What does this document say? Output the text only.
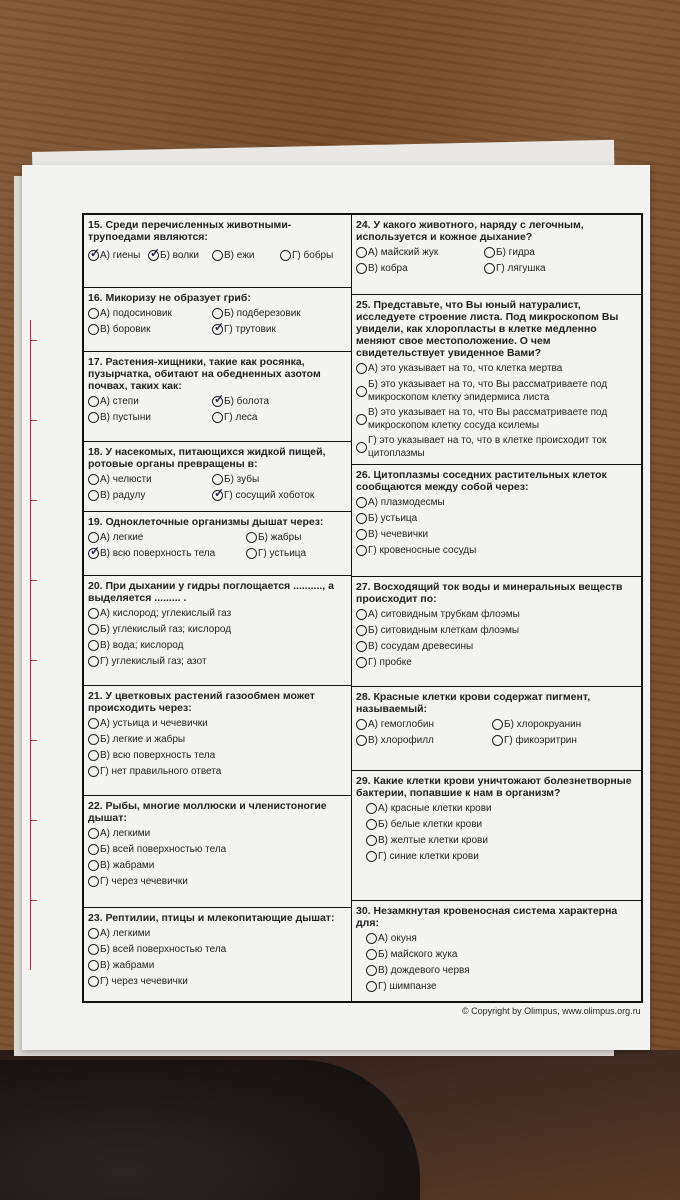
15. Среди перечисленных животными-трупоедами являются:
✓
А) гиены ✓ Б) волки В) ежи	Г) бобры
16. Микоризу не образует гриб:
А) подосиновик	Б) подберезовик
В) боровик ✓	Г) трутовик
17. Растения-хищники, такие как росянка, пузырчатка, обитают на обедненных азотом почвах, таких как:
А) степи ✓	Б) болота
В) пустыни	Г) леса
18. У насекомых, питающихся жидкой пищей, ротовые органы превращены в:
А) челюсти	Б) зубы
В) радулу ✓	Г) сосущий хоботок
19. Одноклеточные организмы дышат через:
А) легкие	Б) жабры
✓
В) всю поверхность тела	Г) устьица
20. При дыхании у гидры поглощается .........., а выделяется ......... .
А) кислород; углекислый газ
Б) углекислый газ; кислород
В) вода; кислород
Г) углекислый газ; азот
21. У цветковых растений газообмен может происходить через:
А) устьица и чечевички
Б) легкие и жабры
В) всю поверхность тела
Г) нет правильного ответа
22. Рыбы, многие моллюски и членистоногие дышат:
А) легкими
Б) всей поверхностью тела
В) жабрами
Г) через чечевички
23. Рептилии, птицы и млекопитающие дышат:
А) легкими
Б) всей поверхностью тела
В) жабрами
Г) через чечевички
24. У какого животного, наряду с легочным, используется и кожное дыхание?
А) майский жук	Б) гидра
В) кобра	Г) лягушка
25. Представьте, что Вы юный натуралист, исследуете строение листа. Под микроскопом Вы увидели, как хлоропласты в клетке медленно меняют свое местоположение. О чем свидетельствует увиденное Вами?
А) это указывает на то, что клетка мертва
Б) это указывает на то, что Вы рассматриваете под микроскопом клетку эпидермиса листа
В) это указывает на то, что Вы рассматриваете под микроскопом клетку сосуда ксилемы
Г) это указывает на то, что в клетке происходит ток цитоплазмы
26. Цитоплазмы соседних растительных клеток сообщаются между собой через:
А) плазмодесмы
Б) устьица
В) чечевички
Г) кровеносные сосуды
27. Восходящий ток воды и минеральных веществ происходит по:
А) ситовидным трубкам флоэмы
Б) ситовидным клеткам флоэмы
В) сосудам древесины
Г) пробке
28. Красные клетки крови содержат пигмент, называемый:
А) гемоглобин	Б) хлорокруанин
В) хлорофилл	Г) фикоэритрин
29. Какие клетки крови уничтожают болезнетворные бактерии, попавшие к нам в организм?
А) красные клетки крови
Б) белые клетки крови
В) желтые клетки крови
Г) синие клетки крови
30. Незамкнутая кровеносная система характерна для:
А) окуня
Б) майского жука
В) дождевого червя
Г) шимпанзе
© Copyright by Olimpus, www.olimpus.org.ru
